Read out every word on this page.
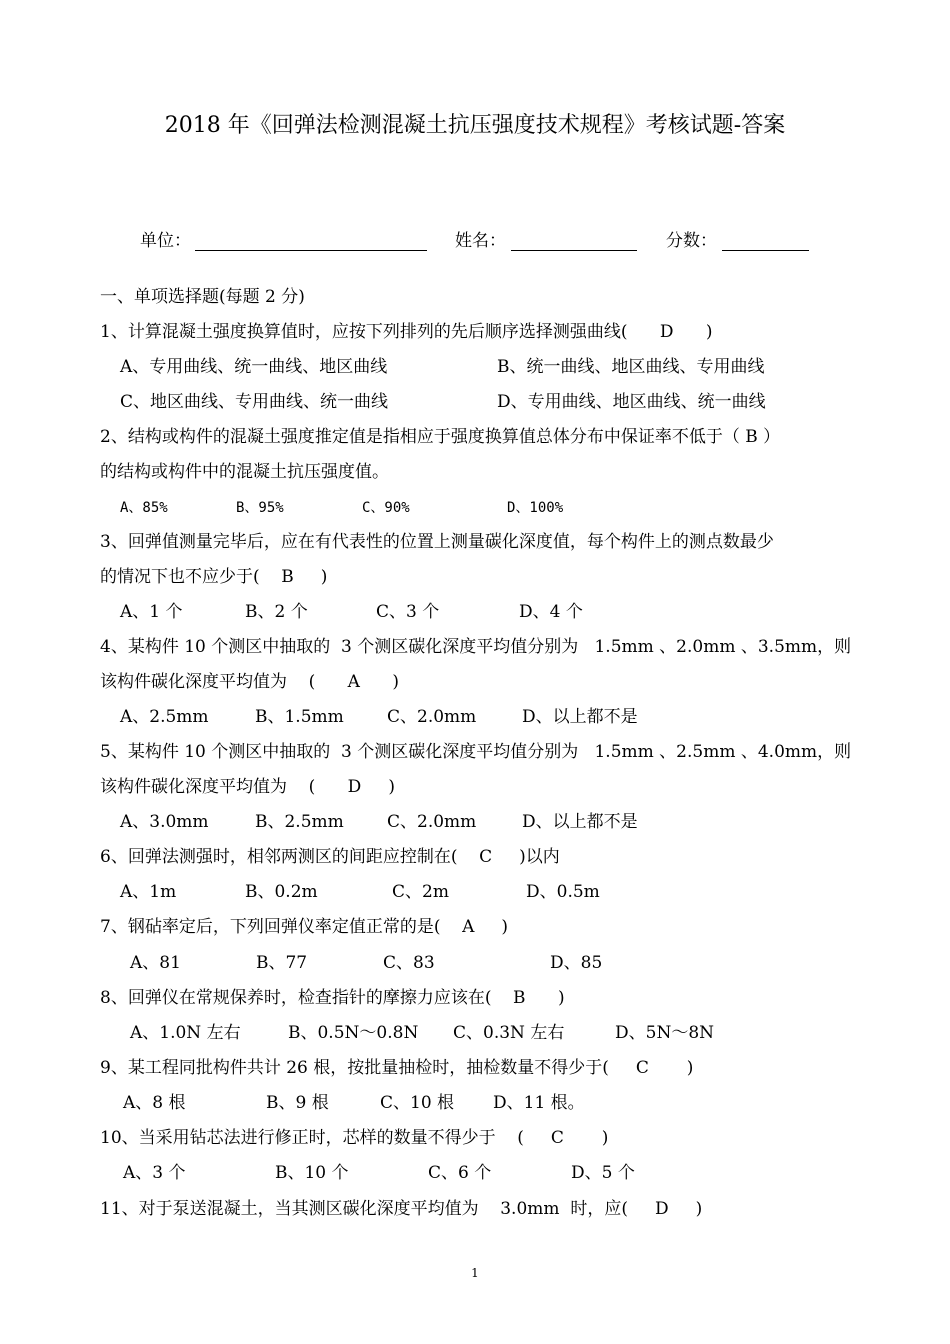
2018 年《回弹法检测混凝土抗压强度技术规程》考核试题-答案
单位：	姓名：	分数：
一、单项选择题(每题 2 分)
1、计算混凝土强度换算值时，应按下列排列的先后顺序选择测强曲线(      D      )
A、专用曲线、统一曲线、地区曲线	B、统一曲线、地区曲线、专用曲线
C、地区曲线、专用曲线、统一曲线	D、专用曲线、地区曲线、统一曲线
2、结构或构件的混凝土强度推定值是指相应于强度换算值总体分布中保证率不低于（ B ）
的结构或构件中的混凝土抗压强度值。
A、85%	B、95%	C、90%	D、100%
3、回弹值测量完毕后，应在有代表性的位置上测量碳化深度值，每个构件上的测点数最少
的情况下也不应少于(    B     )
A、1 个	B、2 个	C、3 个	D、4 个
4、某构件 10 个测区中抽取的  3 个测区碳化深度平均值分别为   1.5mm 、2.0mm 、3.5mm，则
该构件碳化深度平均值为    (      A      )
A、2.5mm	B、1.5mm	C、2.0mm	D、以上都不是
5、某构件 10 个测区中抽取的  3 个测区碳化深度平均值分别为   1.5mm 、2.5mm 、4.0mm，则
该构件碳化深度平均值为    (      D     )
A、3.0mm	B、2.5mm	C、2.0mm	D、以上都不是
6、回弹法测强时，相邻两测区的间距应控制在(    C     )以内
A、1m	B、0.2m	C、2m	D、0.5m
7、钢砧率定后，下列回弹仪率定值正常的是(    A     )
A、81	B、77	C、83	D、85
8、回弹仪在常规保养时，检查指针的摩擦力应该在(    B      )
A、1.0N 左右	B、0.5N～0.8N C、0.3N 左右	D、5N～8N
9、某工程同批构件共计 26 根，按批量抽检时，抽检数量不得少于(     C       )
A、8 根	B、9 根	C、10 根 D、11 根。
10、当采用钻芯法进行修正时，芯样的数量不得少于    (     C       )
A、3 个	B、10 个	C、6 个	D、5 个
11、对于泵送混凝土，当其测区碳化深度平均值为    3.0mm  时，应(     D     )
1
